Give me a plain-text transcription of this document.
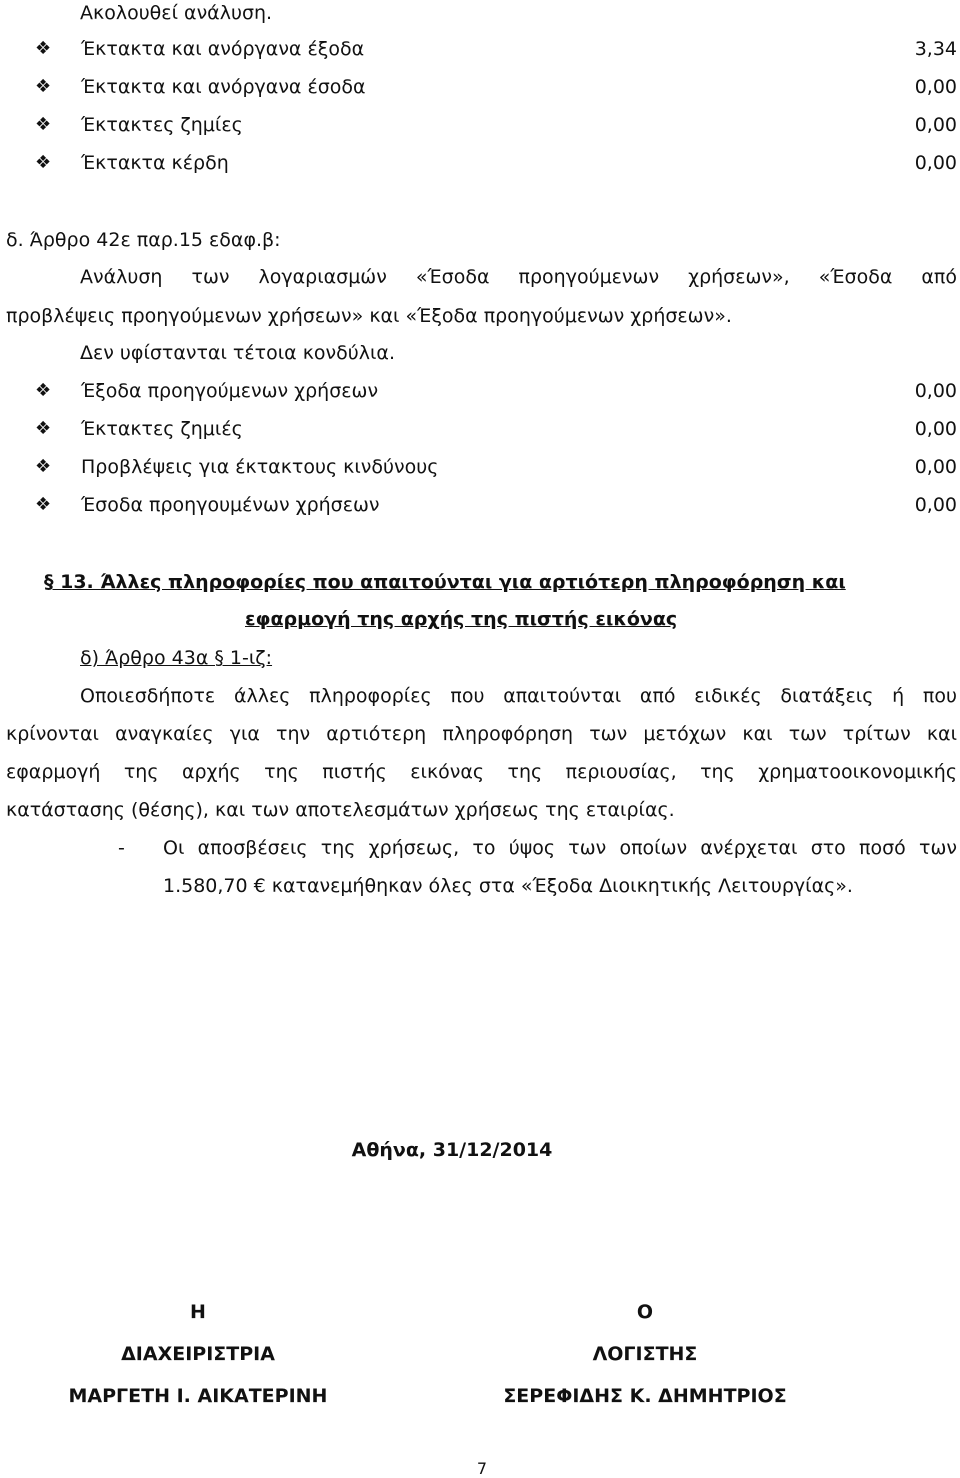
Ακολουθεί ανάλυση.
❖ Έκτακτα και ανόργανα έξοδα	3,34
❖ Έκτακτα και ανόργανα έσοδα	0,00
❖ Έκτακτες ζημίες	0,00
❖ Έκτακτα κέρδη	0,00
δ. Άρθρο 42ε παρ.15 εδαφ.β:
Ανάλυση των λογαριασμών «Έσοδα προηγούμενων χρήσεων», «Έσοδα από
προβλέψεις προηγούμενων χρήσεων» και «Έξοδα προηγούμενων χρήσεων».
Δεν υφίστανται τέτοια κονδύλια.
❖ Έξοδα προηγούμενων χρήσεων	0,00
❖ Έκτακτες ζημιές	0,00
❖ Προβλέψεις για έκτακτους κινδύνους	0,00
❖ Έσοδα προηγουμένων χρήσεων	0,00
§ 13. Άλλες πληροφορίες που απαιτούνται για αρτιότερη πληροφόρηση και
εφαρμογή της αρχής της πιστής εικόνας
δ) Άρθρο 43α § 1-ιζ:
Οποιεσδήποτε άλλες πληροφορίες που απαιτούνται από ειδικές διατάξεις ή που
κρίνονται αναγκαίες για την αρτιότερη πληροφόρηση των μετόχων και των τρίτων και
εφαρμογή της αρχής της πιστής εικόνας της περιουσίας, της χρηματοοικονομικής
κατάστασης (θέσης), και των αποτελεσμάτων χρήσεως της εταιρίας.
- Οι αποσβέσεις της χρήσεως, το ύψος των οποίων ανέρχεται στο ποσό των
1.580,70 € κατανεμήθηκαν όλες στα «Έξοδα Διοικητικής Λειτουργίας».
Αθήνα, 31/12/2014
Η
ΔΙΑΧΕΙΡΙΣΤΡΙΑ
ΜΑΡΓΕΤΗ Ι. ΑΙΚΑΤΕΡΙΝΗ
Ο
ΛΟΓΙΣΤΗΣ
ΣΕΡΕΦΙΔΗΣ Κ. ΔΗΜΗΤΡΙΟΣ
7
